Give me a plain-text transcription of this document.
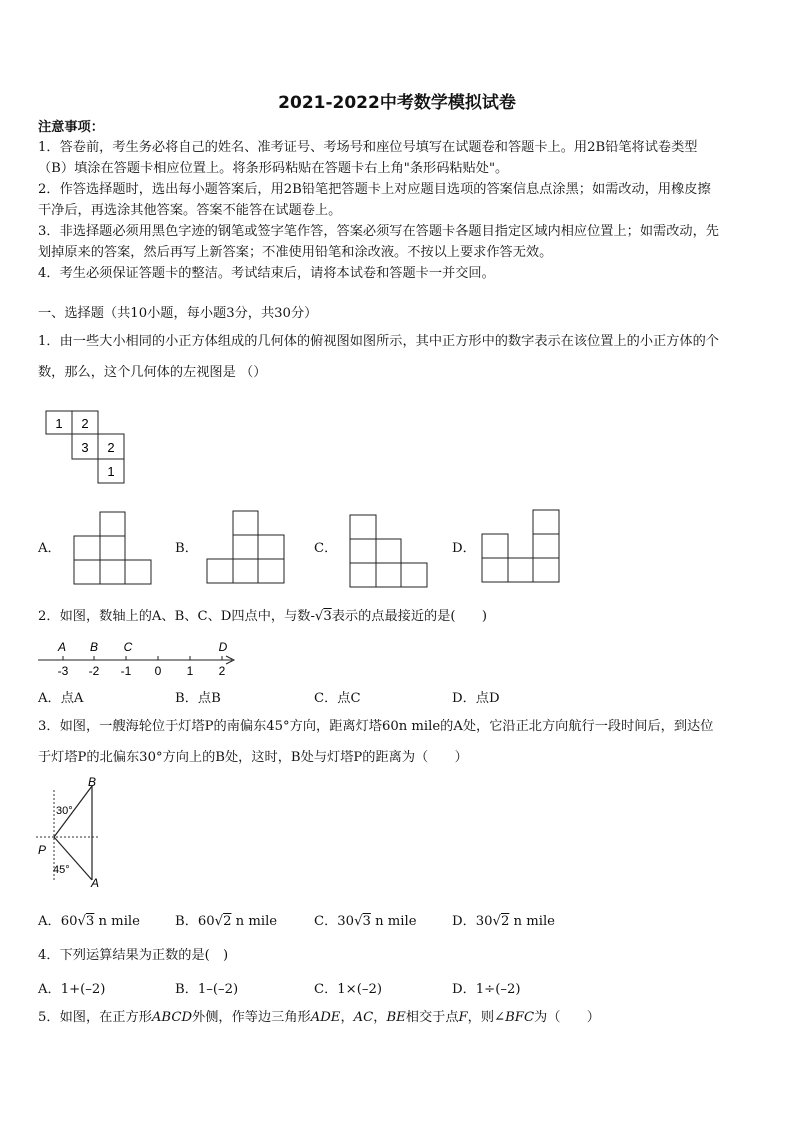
2021-2022中考数学模拟试卷
注意事项：
1．答卷前，考生务必将自己的姓名、准考证号、考场号和座位号填写在试题卷和答题卡上。用2B铅笔将试卷类型
（B）填涂在答题卡相应位置上。将条形码粘贴在答题卡右上角"条形码粘贴处"。
2．作答选择题时，选出每小题答案后，用2B铅笔把答题卡上对应题目选项的答案信息点涂黑；如需改动，用橡皮擦
干净后，再选涂其他答案。答案不能答在试题卷上。
3．非选择题必须用黑色字迹的钢笔或签字笔作答，答案必须写在答题卡各题目指定区域内相应位置上；如需改动，先
划掉原来的答案，然后再写上新答案；不准使用铅笔和涂改液。不按以上要求作答无效。
4．考生必须保证答题卡的整洁。考试结束后，请将本试卷和答题卡一并交回。
一、选择题（共10小题，每小题3分，共30分）
1．由一些大小相同的小正方体组成的几何体的俯视图如图所示，其中正方形中的数字表示在该位置上的小正方体的个
数，那么，这个几何体的左视图是 （）
1 2
3 2
1
A．	B．	C．	D．
2．如图，数轴上的A、B、C、D四点中，与数-√3表示的点最接近的是(　　)
A B C	D
-3 -2 -1 0 1 2
A．点A	B．点B	C．点C	D．点D
3．如图，一艘海轮位于灯塔P的南偏东45°方向，距离灯塔60n mile的A处，它沿正北方向航行一段时间后，到达位
于灯塔P的北偏东30°方向上的B处，这时，B处与灯塔P的距离为（　　）
B
P
A
30°
45°
A．60√3 n mile	B．60√2 n mile	C．30√3 n mile	D．30√2 n mile
4．下列运算结果为正数的是(　)
A．1+(–2)	B．1–(–2)	C．1×(–2)	D．1÷(–2)
5．如图，在正方形ABCD外侧，作等边三角形ADE，AC，BE相交于点F，则∠BFC为（　　）
